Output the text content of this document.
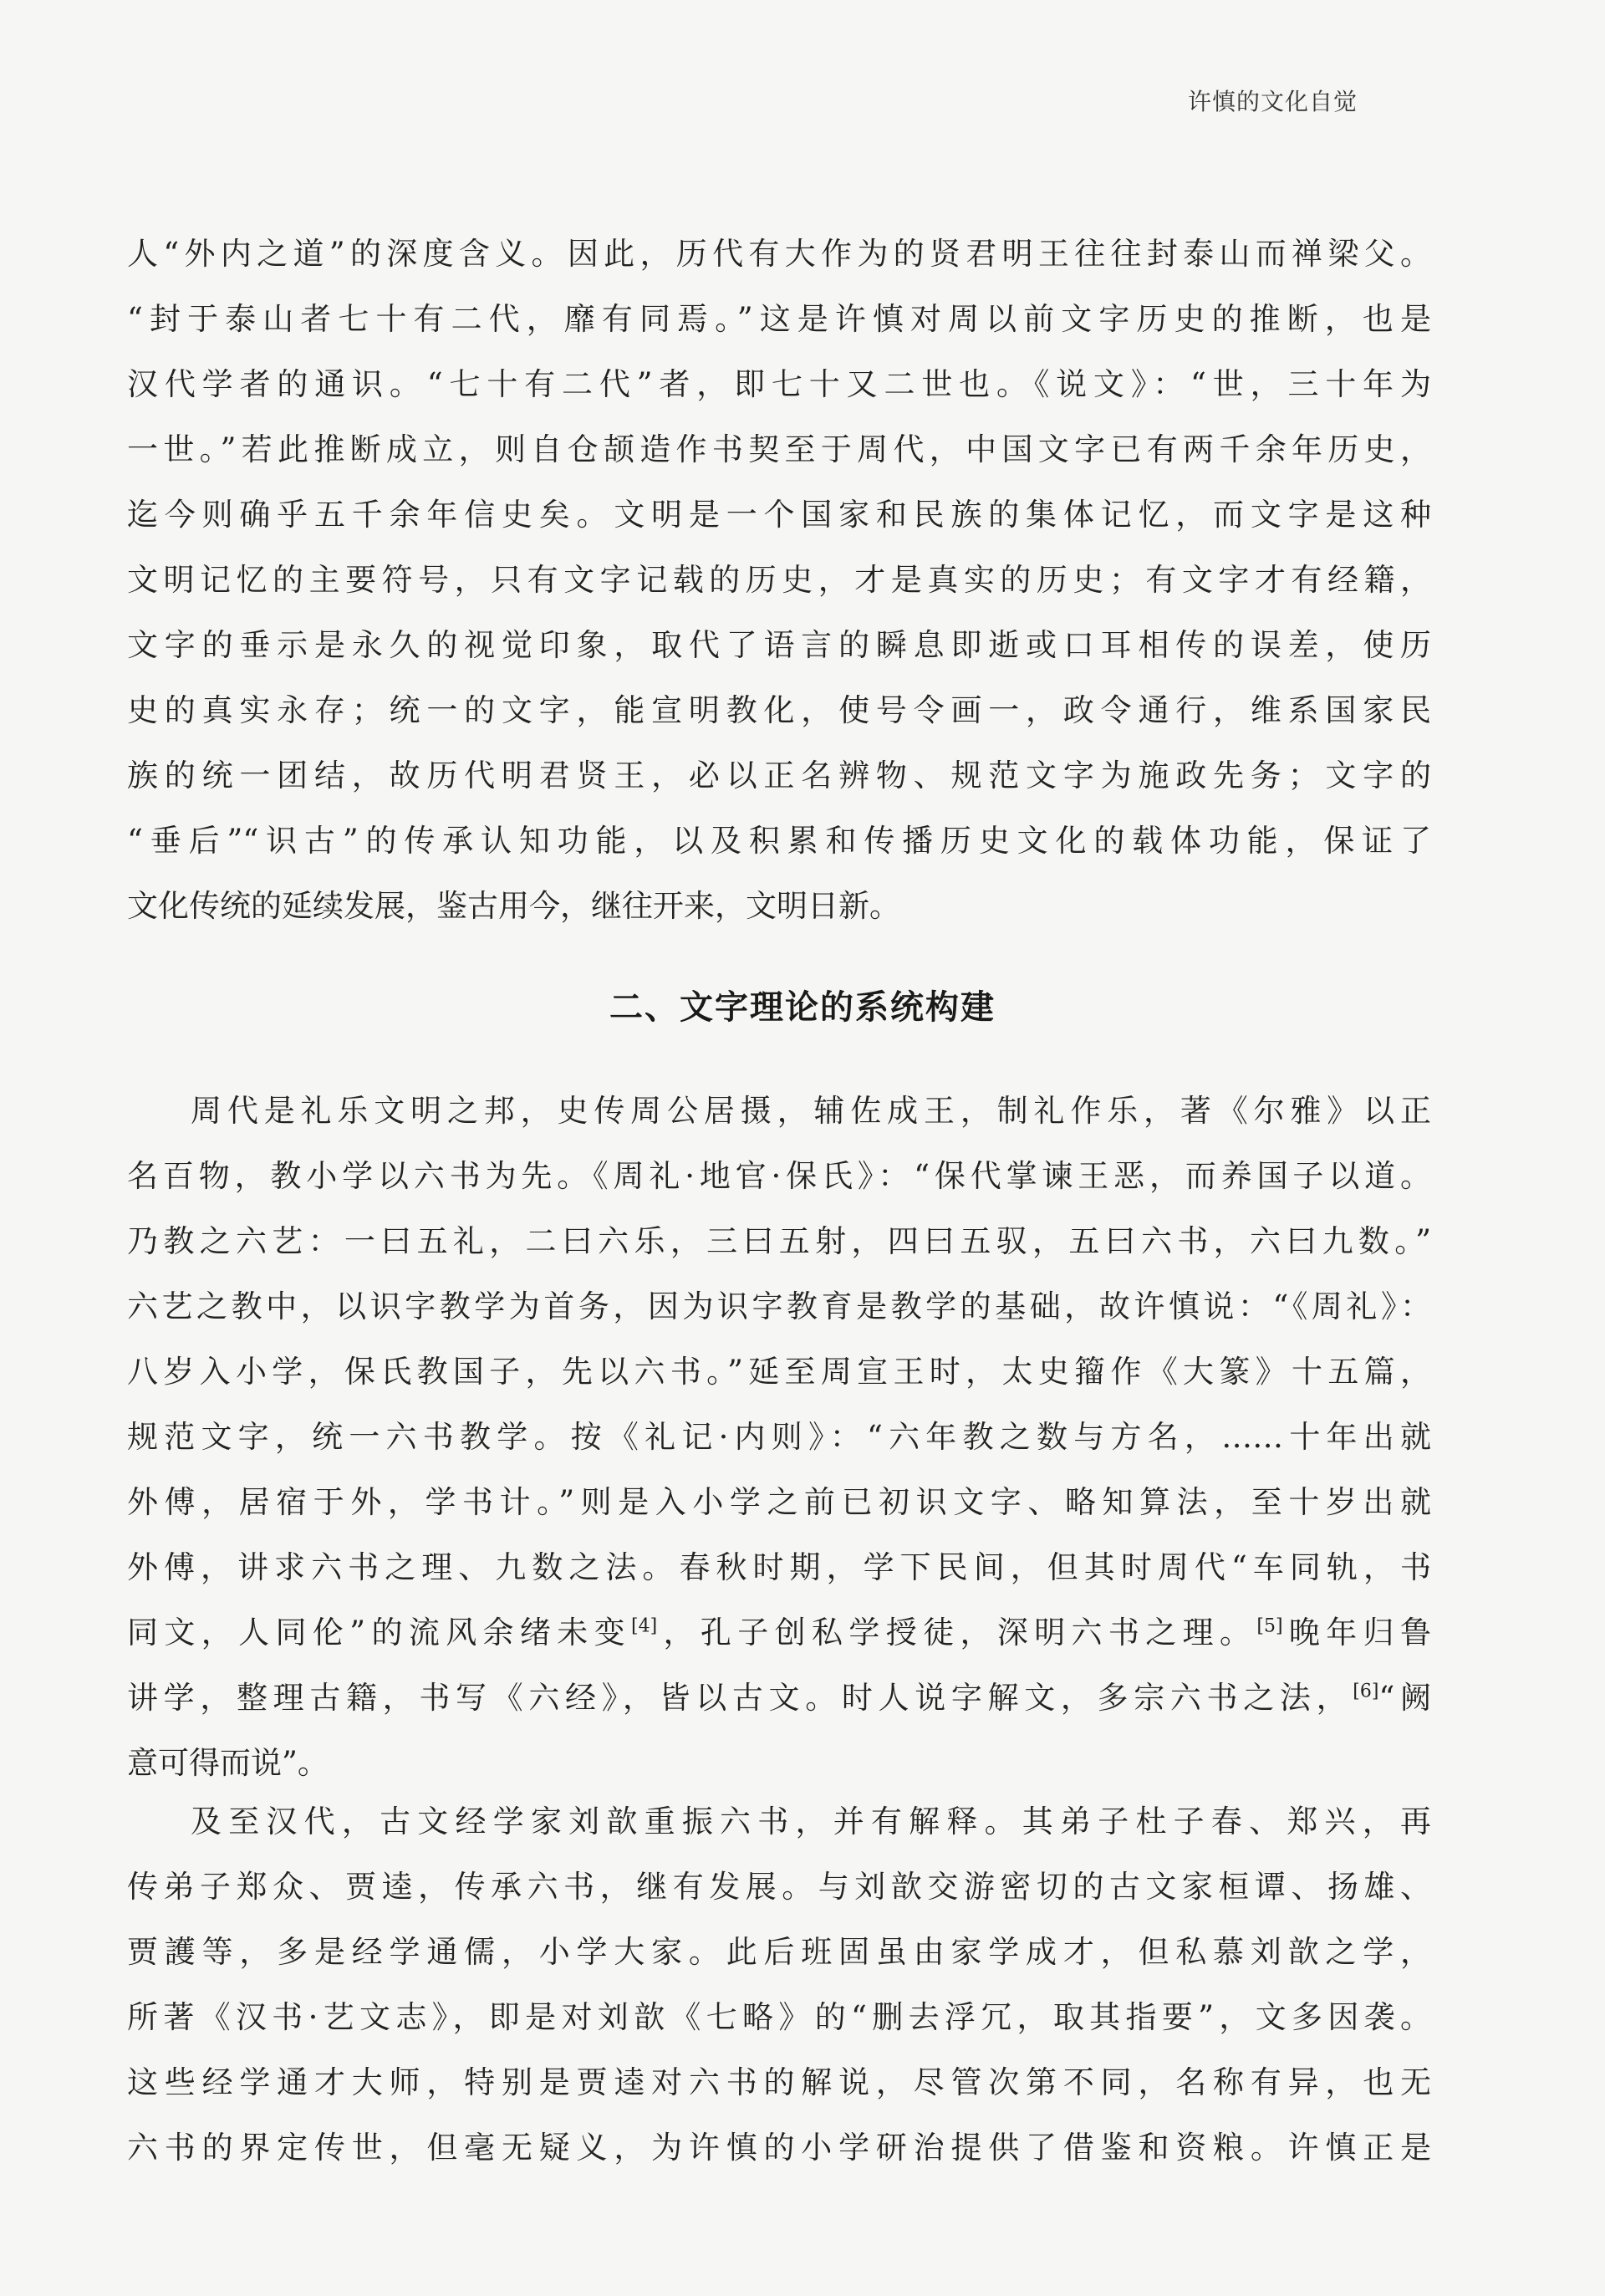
许慎的文化自觉
人“外内之道”的深度含义。因此，历代有大作为的贤君明王往往封泰山而禅梁父。
“封于泰山者七十有二代，靡有同焉。”这是许慎对周以前文字历史的推断，也是
汉代学者的通识。“七十有二代”者，即七十又二世也。《说文》：“世，三十年为
一世。”若此推断成立，则自仓颉造作书契至于周代，中国文字已有两千余年历史，
迄今则确乎五千余年信史矣。文明是一个国家和民族的集体记忆，而文字是这种
文明记忆的主要符号，只有文字记载的历史，才是真实的历史；有文字才有经籍，
文字的垂示是永久的视觉印象，取代了语言的瞬息即逝或口耳相传的误差，使历
史的真实永存；统一的文字，能宣明教化，使号令画一，政令通行，维系国家民
族的统一团结，故历代明君贤王，必以正名辨物、规范文字为施政先务；文字的
“垂后”“识古”的传承认知功能，以及积累和传播历史文化的载体功能，保证了
文化传统的延续发展，鉴古用今，继往开来，文明日新。
二、文字理论的系统构建
周代是礼乐文明之邦，史传周公居摄，辅佐成王，制礼作乐，著《尔雅》以正
名百物，教小学以六书为先。《周礼·地官·保氏》：“保代掌谏王恶，而养国子以道。
乃教之六艺：一曰五礼，二曰六乐，三曰五射，四曰五驭，五曰六书，六曰九数。”
六艺之教中，以识字教学为首务，因为识字教育是教学的基础，故许慎说：“《周礼》：
八岁入小学，保氏教国子，先以六书。”延至周宣王时，太史籀作《大篆》十五篇，
规范文字，统一六书教学。按《礼记·内则》：“六年教之数与方名，……十年出就
外傅，居宿于外，学书计。”则是入小学之前已初识文字、略知算法，至十岁出就
外傅，讲求六书之理、九数之法。春秋时期，学下民间，但其时周代“车同轨，书
同文，人同伦”的流风余绪未变[4]，孔子创私学授徒，深明六书之理。[5]晚年归鲁
讲学，整理古籍，书写《六经》，皆以古文。时人说字解文，多宗六书之法，[6]“阙
意可得而说”。
及至汉代，古文经学家刘歆重振六书，并有解释。其弟子杜子春、郑兴，再
传弟子郑众、贾逵，传承六书，继有发展。与刘歆交游密切的古文家桓谭、扬雄、
贾護等，多是经学通儒，小学大家。此后班固虽由家学成才，但私慕刘歆之学，
所著《汉书·艺文志》，即是对刘歆《七略》的“删去浮冗，取其指要”，文多因袭。
这些经学通才大师，特别是贾逵对六书的解说，尽管次第不同，名称有异，也无
六书的界定传世，但毫无疑义，为许慎的小学研治提供了借鉴和资粮。许慎正是
